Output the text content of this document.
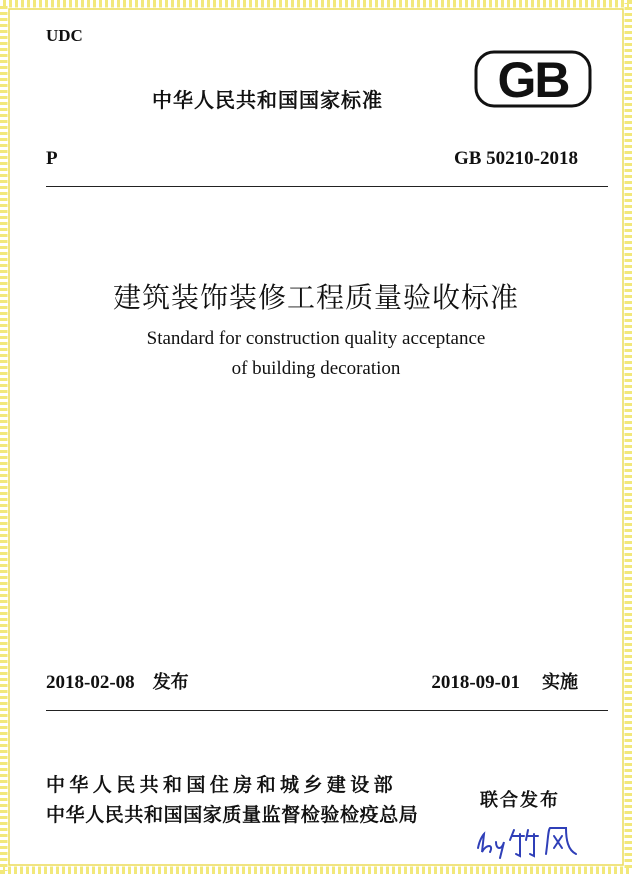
UDC
中华人民共和国国家标准 GB
P	GB 50210-2018
建筑装饰装修工程质量验收标准
Standard for construction quality acceptance
of building decoration
2018-02-08 发布	2018-09-01 实施
中华人民共和国住房和城乡建设部
中华人民共和国国家质量监督检验检疫总局
联合发布
